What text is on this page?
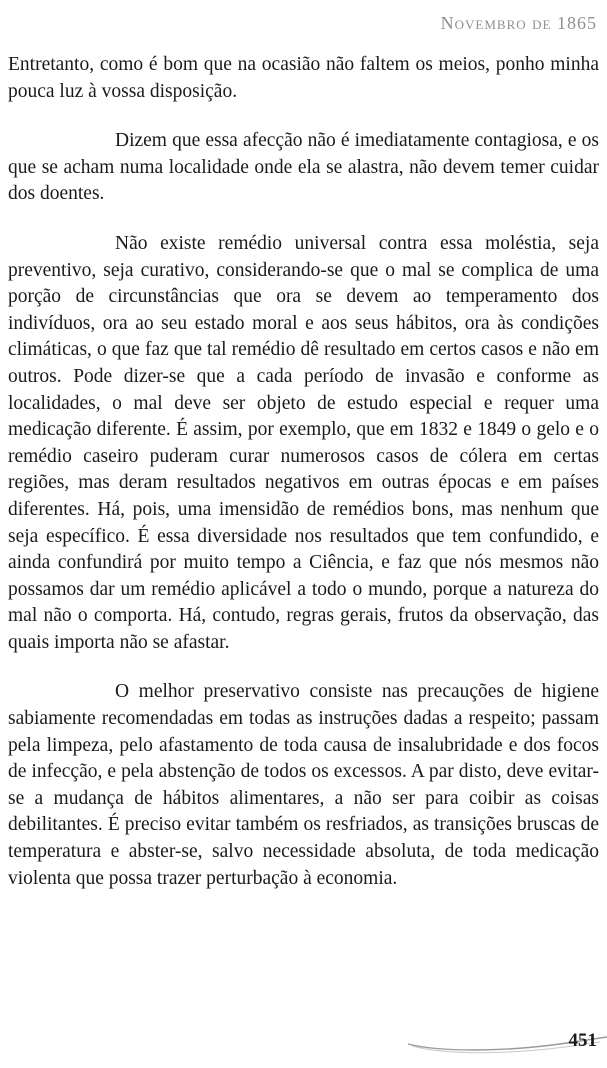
Novembro de 1865

Entretanto, como é bom que na ocasião não faltem os meios, ponho minha pouca luz à vossa disposição.

Dizem que essa afecção não é imediatamente contagiosa, e os que se acham numa localidade onde ela se alastra, não devem temer cuidar dos doentes.

Não existe remédio universal contra essa moléstia, seja preventivo, seja curativo, considerando-se que o mal se complica de uma porção de circunstâncias que ora se devem ao temperamento dos indivíduos, ora ao seu estado moral e aos seus hábitos, ora às condições climáticas, o que faz que tal remédio dê resultado em certos casos e não em outros. Pode dizer-se que a cada período de invasão e conforme as localidades, o mal deve ser objeto de estudo especial e requer uma medicação diferente. É assim, por exemplo, que em 1832 e 1849 o gelo e o remédio caseiro puderam curar numerosos casos de cólera em certas regiões, mas deram resultados negativos em outras épocas e em países diferentes. Há, pois, uma imensidão de remédios bons, mas nenhum que seja específico. É essa diversidade nos resultados que tem confundido, e ainda confundirá por muito tempo a Ciência, e faz que nós mesmos não possamos dar um remédio aplicável a todo o mundo, porque a natureza do mal não o comporta. Há, contudo, regras gerais, frutos da observação, das quais importa não se afastar.

O melhor preservativo consiste nas precauções de higiene sabiamente recomendadas em todas as instruções dadas a respeito; passam pela limpeza, pelo afastamento de toda causa de insalubridade e dos focos de infecção, e pela abstenção de todos os excessos. A par disto, deve evitar-se a mudança de hábitos alimentares, a não ser para coibir as coisas debilitantes. É preciso evitar também os resfriados, as transições bruscas de temperatura e abster-se, salvo necessidade absoluta, de toda medicação violenta que possa trazer perturbação à economia.

451
